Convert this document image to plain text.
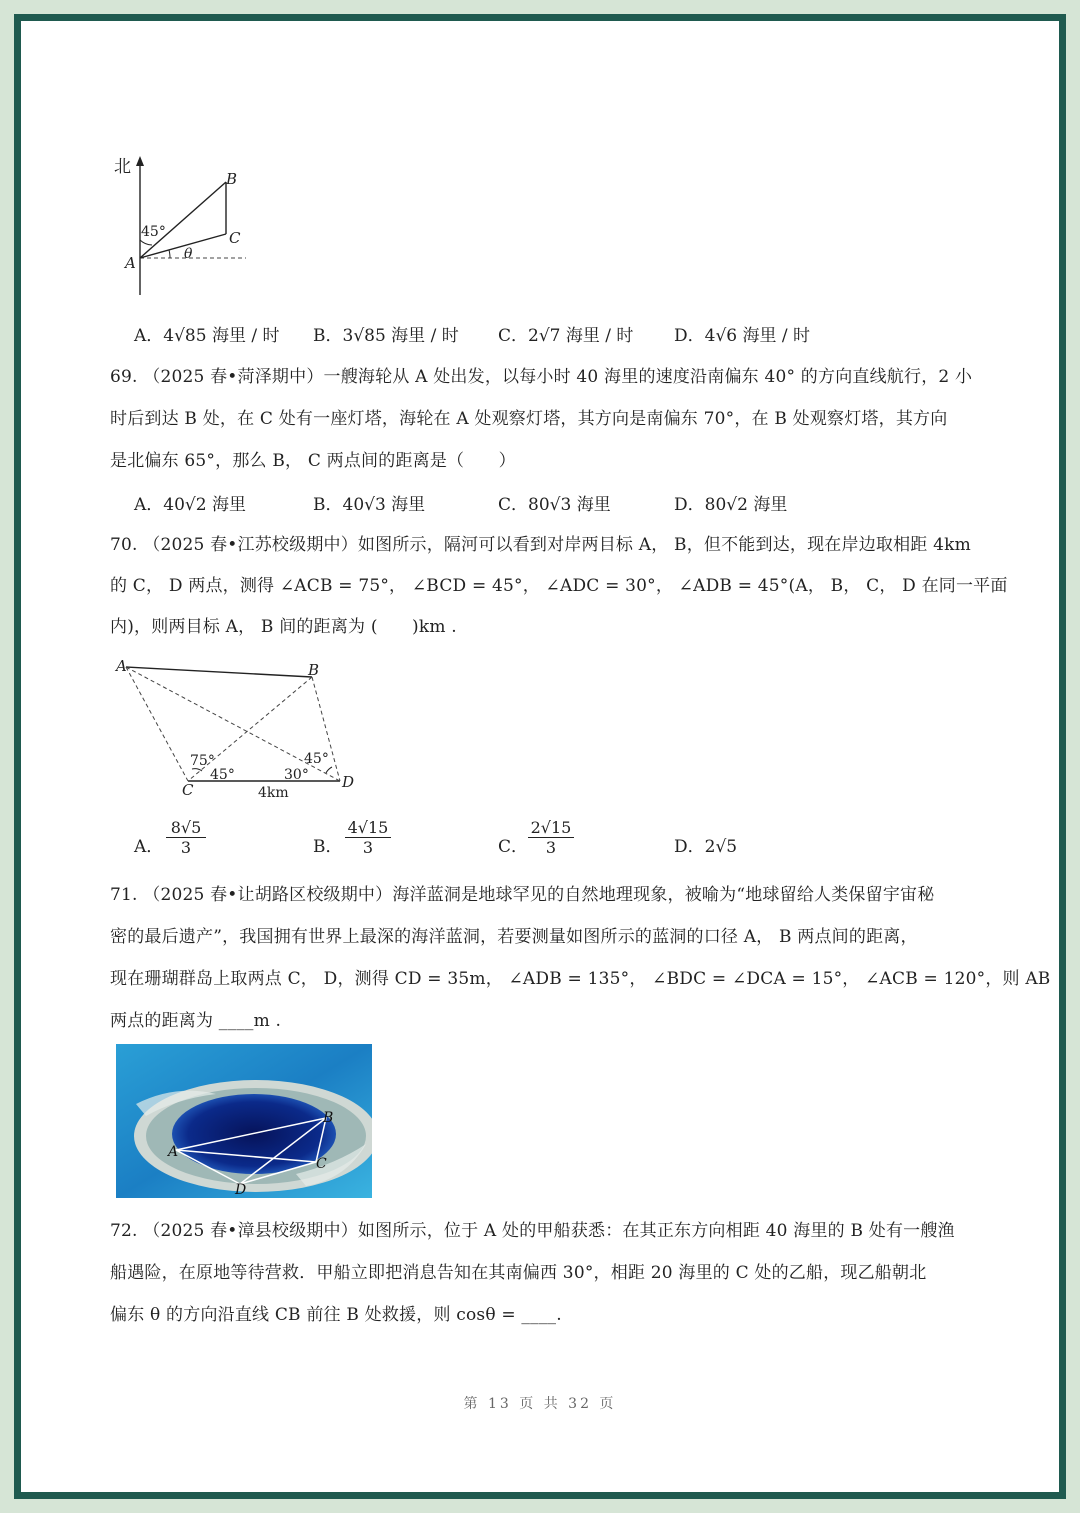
北
B
C
A
45°
θ
A．4√85 海里 / 时 B．3√85 海里 / 时 C．2√7 海里 / 时 D．4√6 海里 / 时
69. （2025 春•菏泽期中）一艘海轮从 A 处出发，以每小时 40 海里的速度沿南偏东 40° 的方向直线航行，2 小
时后到达 B 处，在 C 处有一座灯塔，海轮在 A 处观察灯塔，其方向是南偏东 70°，在 B 处观察灯塔，其方向
是北偏东 65°，那么 B， C 两点间的距离是（　　）
A．40√2 海里	B．40√3 海里	C．80√3 海里	D．80√2 海里
70. （2025 春•江苏校级期中）如图所示，隔河可以看到对岸两目标 A， B，但不能到达，现在岸边取相距 4km
的 C， D 两点，测得 ∠ACB = 75°， ∠BCD = 45°， ∠ADC = 30°， ∠ADB = 45°(A， B， C， D 在同一平面
内)，则两目标 A， B 间的距离为 (　　)km .
A	B
C	D
75°
45°	30°
45°
4km
A．
8√5
3	B．
4√15
3	C．
2√15
3	D．2√5
71. （2025 春•让胡路区校级期中）海洋蓝洞是地球罕见的自然地理现象，被喻为“地球留给人类保留宇宙秘
密的最后遗产”，我国拥有世界上最深的海洋蓝洞，若要测量如图所示的蓝洞的口径 A， B 两点间的距离，
现在珊瑚群岛上取两点 C， D，测得 CD = 35m， ∠ADB = 135°， ∠BDC = ∠DCA = 15°， ∠ACB = 120°，则 AB
两点的距离为 ____m .
A
B
C
D
72. （2025 春•漳县校级期中）如图所示，位于 A 处的甲船获悉：在其正东方向相距 40 海里的 B 处有一艘渔
船遇险，在原地等待营救．甲船立即把消息告知在其南偏西 30°，相距 20 海里的 C 处的乙船，现乙船朝北
偏东 θ 的方向沿直线 CB 前往 B 处救援，则 cosθ = ____.
第 13 页 共 32 页
